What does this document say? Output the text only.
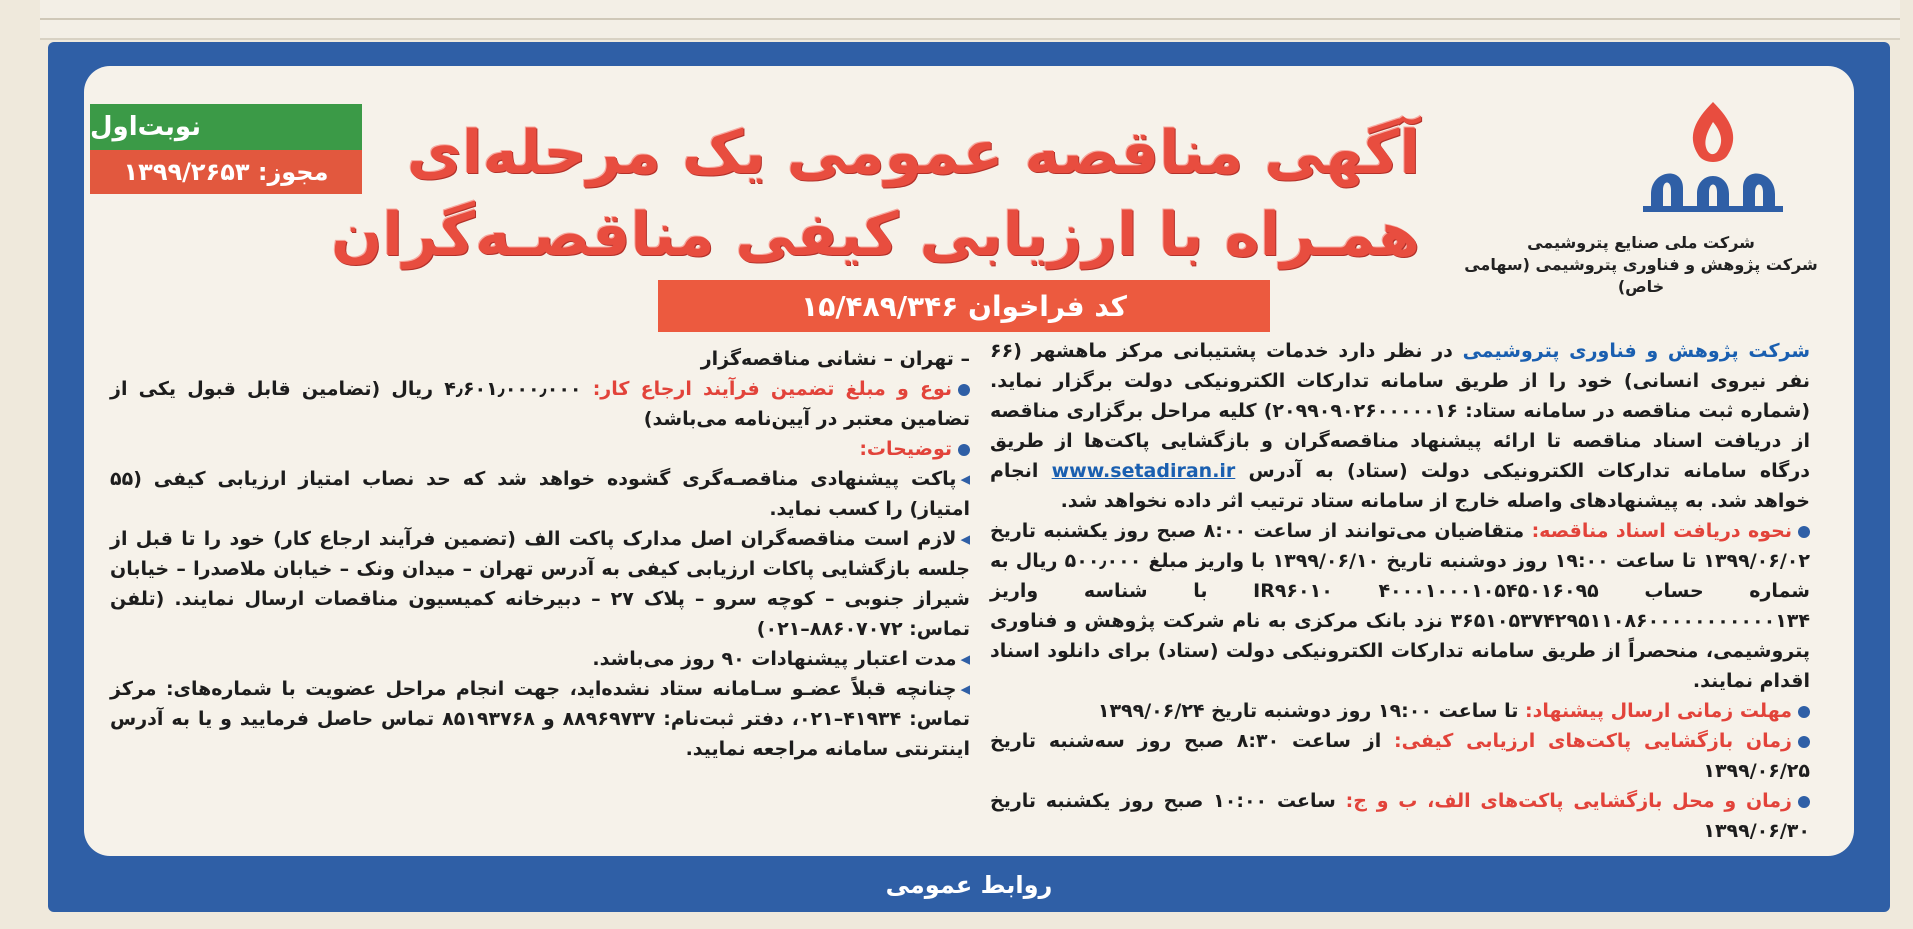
شرکت ملی صنایع پتروشیمی
شرکت پژوهش و فناوری پتروشیمی (سهامی خاص)
آگهی مناقصه عمومی یک مرحله‌ای
همـراه با ارزیابی کیفی مناقصـه‌گران
نوبت‌اول
مجوز: ۱۳۹۹/۲۶۵۳
کد فراخوان ۱۵/۴۸۹/۳۴۶

شرکت پژوهش و فناوری پتروشیمی در نظر دارد خدمات پشتیبانی مرکز ماهشهر (۶۶ نفر نیروی انسانی) خود را از طریق سامانه تدارکات الکترونیکی دولت برگزار نماید. (شماره ثبت مناقصه در سامانه ستاد: ۲۰۹۹۰۹۰۲۶۰۰۰۰۰۱۶) کلیه مراحل برگزاری مناقصه از دریافت اسناد مناقصه تا ارائه پیشنهاد مناقصه‌گران و بازگشایی پاکت‌ها از طریق درگاه سامانه تدارکات الکترونیکی دولت (ستاد) به آدرس www.setadiran.ir انجام خواهد شد. به پیشنهادهای واصله خارج از سامانه ستاد ترتیب اثر داده نخواهد شد.

نحوه دریافت اسناد مناقصه: متقاضیان می‌توانند از ساعت ۸:۰۰ صبح روز یکشنبه تاریخ ۱۳۹۹/۰۶/۰۲ تا ساعت ۱۹:۰۰ روز دوشنبه تاریخ ۱۳۹۹/۰۶/۱۰ با واریز مبلغ ۵۰۰٫۰۰۰ ریال به شماره حساب ۴۰۰۰۱۰۰۰۱۰۵۴۵۰۱۶۰۹۵ IR۹۶۰۱۰ با شناسه واریز ۳۶۵۱۰۵۳۷۴۲۹۵۱۱۰۸۶۰۰۰۰۰۰۰۰۰۰۰۱۳۴ نزد بانک مرکزی به نام شرکت پژوهش و فناوری پتروشیمی، منحصراً از طریق سامانه تدارکات الکترونیکی دولت (ستاد) برای دانلود اسناد اقدام نمایند.

مهلت زمانی ارسال پیشنهاد: تا ساعت ۱۹:۰۰ روز دوشنبه تاریخ ۱۳۹۹/۰۶/۲۴

زمان بازگشایی پاکت‌های ارزیابی کیفی: از ساعت ۸:۳۰ صبح روز سه‌شنبه تاریخ ۱۳۹۹/۰۶/۲۵

زمان و محل بازگشایی پاکت‌های الف، ب و ج: ساعت ۱۰:۰۰ صبح روز یکشنبه تاریخ ۱۳۹۹/۰۶/۳۰

– تهران – نشانی مناقصه‌گزار

نوع و مبلغ تضمین فرآیند ارجاع کار: ۴٫۶۰۱٫۰۰۰٫۰۰۰ ریال (تضامین قابل قبول یکی از تضامین معتبر در آیین‌نامه می‌باشد)

توضیحات:

◂پاکت پیشنهادی مناقصـه‌گری گشوده خواهد شد که حد نصاب امتیاز ارزیابی کیفی (۵۵ امتیاز) را کسب نماید.

◂لازم است مناقصه‌گران اصل مدارک پاکت الف (تضمین فرآیند ارجاع کار) خود را تا قبل از جلسه بازگشایی پاکات ارزیابی کیفی به آدرس تهران – میدان ونک – خیابان ملاصدرا – خیابان شیراز جنوبی – کوچه سرو – پلاک ۲۷ – دبیرخانه کمیسیون مناقصات ارسال نمایند. (تلفن تماس: ۸۸۶۰۷۰۷۲–۰۲۱)

◂مدت اعتبار پیشنهادات ۹۰ روز می‌باشد.

◂چنانچه قبلاً عضـو سـامانه ستاد نشده‌اید، جهت انجام مراحل عضویت با شماره‌های: مرکز تماس: ۴۱۹۳۴–۰۲۱، دفتر ثبت‌نام: ۸۸۹۶۹۷۳۷ و ۸۵۱۹۳۷۶۸ تماس حاصل فرمایید و یا به آدرس اینترنتی سامانه مراجعه نمایید.

روابط عمومی
